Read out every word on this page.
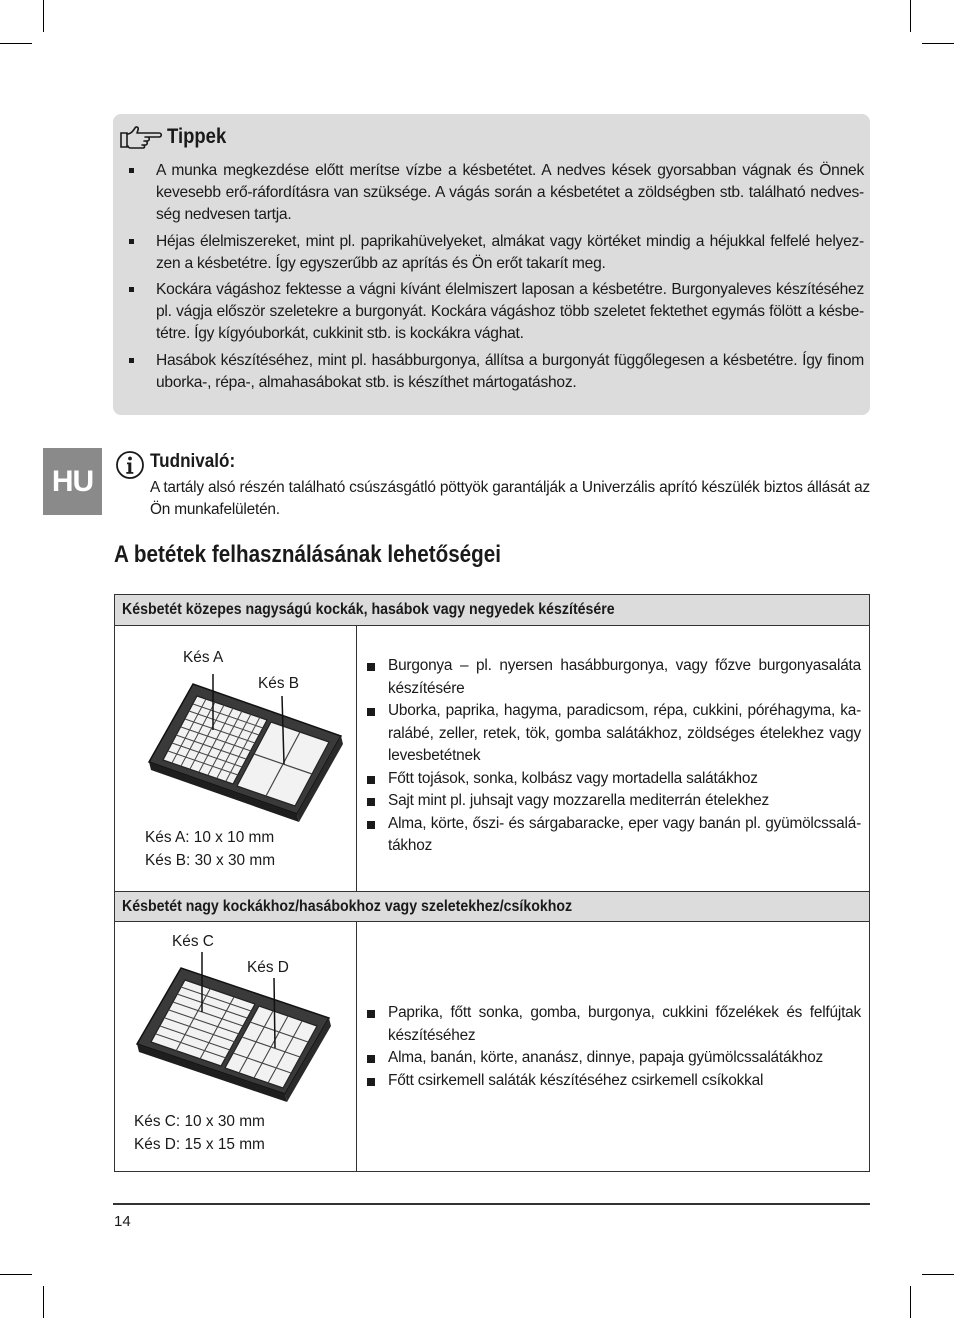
Tippek
A munka megkezdése előtt merítse vízbe a késbetétet. A nedves kések gyorsabban vágnak és Önnek kevesebb erő-ráfordításra van szüksége. A vágás során a késbetétet a zöldségben stb. található nedves-ség nedvesen tartja.
Héjas élelmiszereket, mint pl. paprikahüvelyeket, almákat vagy körtéket mindig a héjukkal felfelé helyez-zen a késbetétre. Így egyszerűbb az aprítás és Ön erőt takarít meg.
Kockára vágáshoz fektesse a vágni kívánt élelmiszert laposan a késbetétre. Burgonyaleves készítéséhez pl. vágja először szeletekre a burgonyát. Kockára vágáshoz több szeletet fektethet egymás fölött a késbe-tétre. Így kígyóuborkát, cukkinit stb. is kockákra vághat.
Hasábok készítéséhez, mint pl. hasábburgonya, állítsa a burgonyát függőlegesen a késbetétre. Így finom uborka-, répa-, almahasábokat stb. is készíthet mártogatáshoz.
HU
Tudnivaló:
A tartály alsó részén található csúszásgátló pöttyök garantálják a Univerzális aprító készülék biztos állását az Ön munkafelületén.
A betétek felhasználásának lehetőségei
Késbetét közepes nagyságú kockák, hasábok vagy negyedek készítésére
Kés A
Kés B
Kés A: 10 x 10 mm
Kés B: 30 x 30 mm
Burgonya – pl. nyersen hasábburgonya, vagy főzve burgonyasaláta készítésére
Uborka, paprika, hagyma, paradicsom, répa, cukkini, póréhagyma, ka-ralábé, zeller, retek, tök, gomba salátákhoz, zöldséges ételekhez vagy levesbetétnek
Főtt tojások, sonka, kolbász vagy mortadella salátákhoz
Sajt mint pl. juhsajt vagy mozzarella mediterrán ételekhez
Alma, körte, őszi- és sárgabaracke, eper vagy banán pl. gyümölcssalá-tákhoz
Késbetét nagy kockákhoz/hasábokhoz vagy szeletekhez/csíkokhoz
Kés C
Kés D
Kés C: 10 x 30 mm
Kés D: 15 x 15 mm
Paprika, főtt sonka, gomba, burgonya, cukkini főzelékek és felfújtak készítéséhez
Alma, banán, körte, ananász, dinnye, papaja gyümölcssalátákhoz
Főtt csirkemell saláták készítéséhez csirkemell csíkokkal
14
